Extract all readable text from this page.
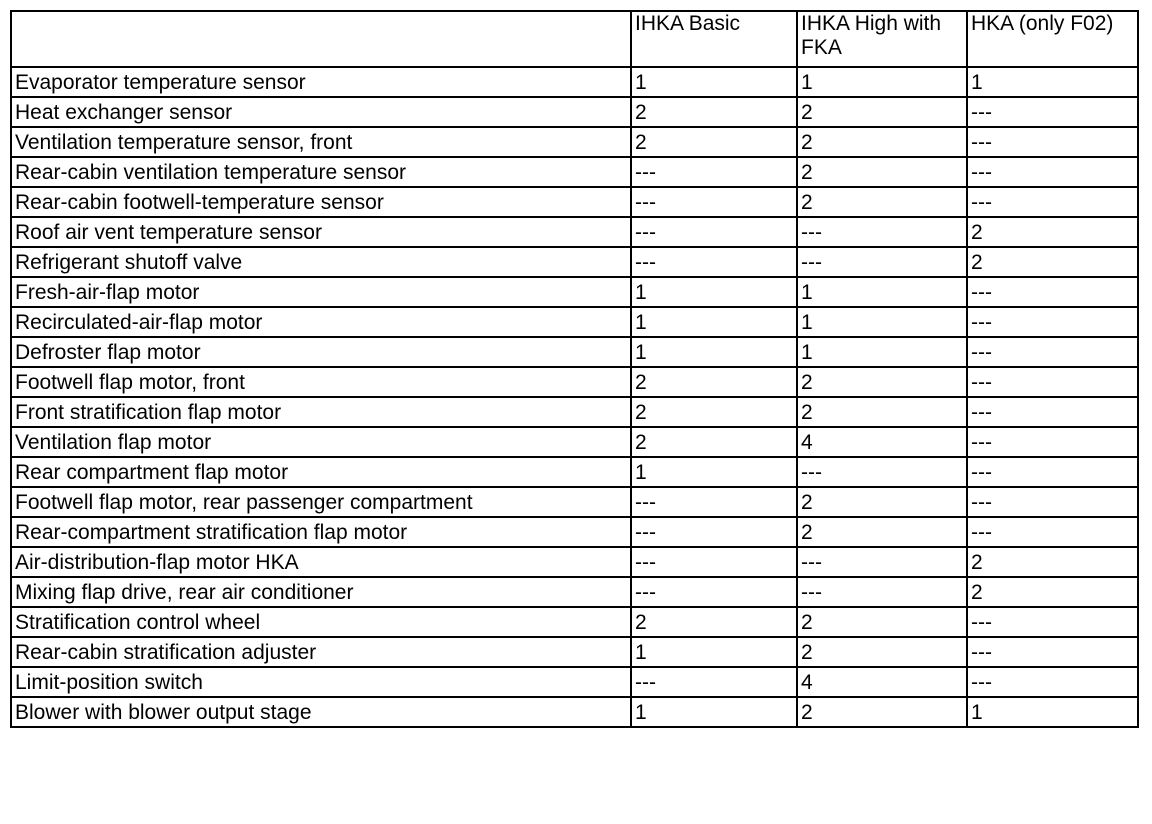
	IHKA Basic	IHKA High with FKA	HKA (only F02)
Evaporator temperature sensor	1	1	1
Heat exchanger sensor	2	2	---
Ventilation temperature sensor, front	2	2	---
Rear-cabin ventilation temperature sensor	---	2	---
Rear-cabin footwell-temperature sensor	---	2	---
Roof air vent temperature sensor	---	---	2
Refrigerant shutoff valve	---	---	2
Fresh-air-flap motor	1	1	---
Recirculated-air-flap motor	1	1	---
Defroster flap motor	1	1	---
Footwell flap motor, front	2	2	---
Front stratification flap motor	2	2	---
Ventilation flap motor	2	4	---
Rear compartment flap motor	1	---	---
Footwell flap motor, rear passenger compartment	---	2	---
Rear-compartment stratification flap motor	---	2	---
Air-distribution-flap motor HKA	---	---	2
Mixing flap drive, rear air conditioner	---	---	2
Stratification control wheel	2	2	---
Rear-cabin stratification adjuster	1	2	---
Limit-position switch	---	4	---
Blower with blower output stage	1	2	1
